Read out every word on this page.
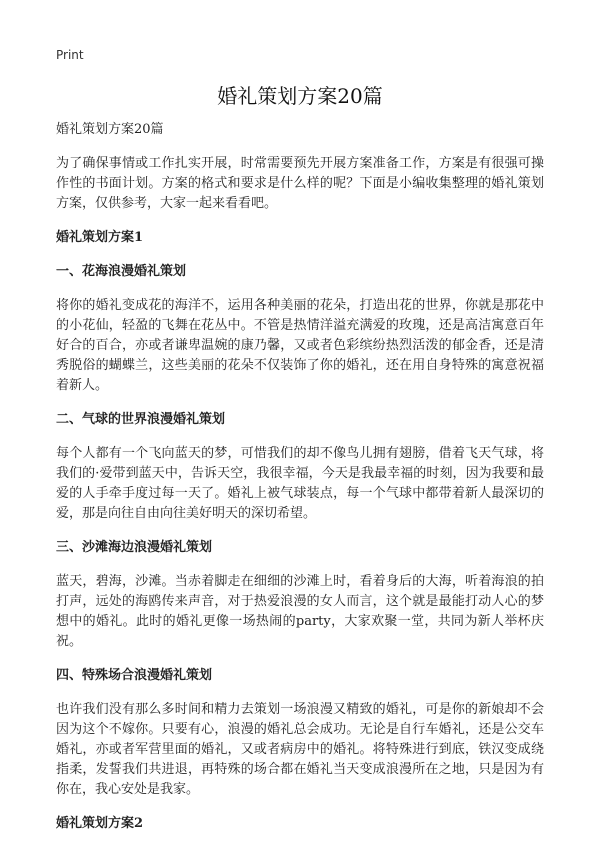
Print
婚礼策划方案20篇

婚礼策划方案20篇

为了确保事情或工作扎实开展，时常需要预先开展方案准备工作，方案是有很强可操作性的书面计划。方案的格式和要求是什么样的呢？下面是小编收集整理的婚礼策划方案，仅供参考，大家一起来看看吧。

婚礼策划方案1

一、花海浪漫婚礼策划

将你的婚礼变成花的海洋不，运用各种美丽的花朵，打造出花的世界，你就是那花中的小花仙，轻盈的飞舞在花丛中。不管是热情洋溢充满爱的玫瑰，还是高洁寓意百年好合的百合，亦或者谦卑温婉的康乃馨，又或者色彩缤纷热烈活泼的郁金香，还是清秀脱俗的蝴蝶兰，这些美丽的花朵不仅装饰了你的婚礼，还在用自身特殊的寓意祝福着新人。

二、气球的世界浪漫婚礼策划

每个人都有一个飞向蓝天的梦，可惜我们的却不像鸟儿拥有翅膀，借着飞天气球，将我们的·爱带到蓝天中，告诉天空，我很幸福，今天是我最幸福的时刻，因为我要和最爱的人手牵手度过每一天了。婚礼上被气球装点，每一个气球中都带着新人最深切的爱，那是向往自由向往美好明天的深切希望。

三、沙滩海边浪漫婚礼策划

蓝天，碧海，沙滩。当赤着脚走在细细的沙滩上时，看着身后的大海，听着海浪的拍打声，远处的海鸥传来声音，对于热爱浪漫的女人而言，这个就是最能打动人心的梦想中的婚礼。此时的婚礼更像一场热闹的party，大家欢聚一堂，共同为新人举杯庆祝。

四、特殊场合浪漫婚礼策划

也许我们没有那么多时间和精力去策划一场浪漫又精致的婚礼，可是你的新娘却不会因为这个不嫁你。只要有心，浪漫的婚礼总会成功。无论是自行车婚礼，还是公交车婚礼，亦或者军营里面的婚礼，又或者病房中的婚礼。将特殊进行到底，铁汉变成绕指柔，发誓我们共进退，再特殊的场合都在婚礼当天变成浪漫所在之地，只是因为有你在，我心安处是我家。

婚礼策划方案2
